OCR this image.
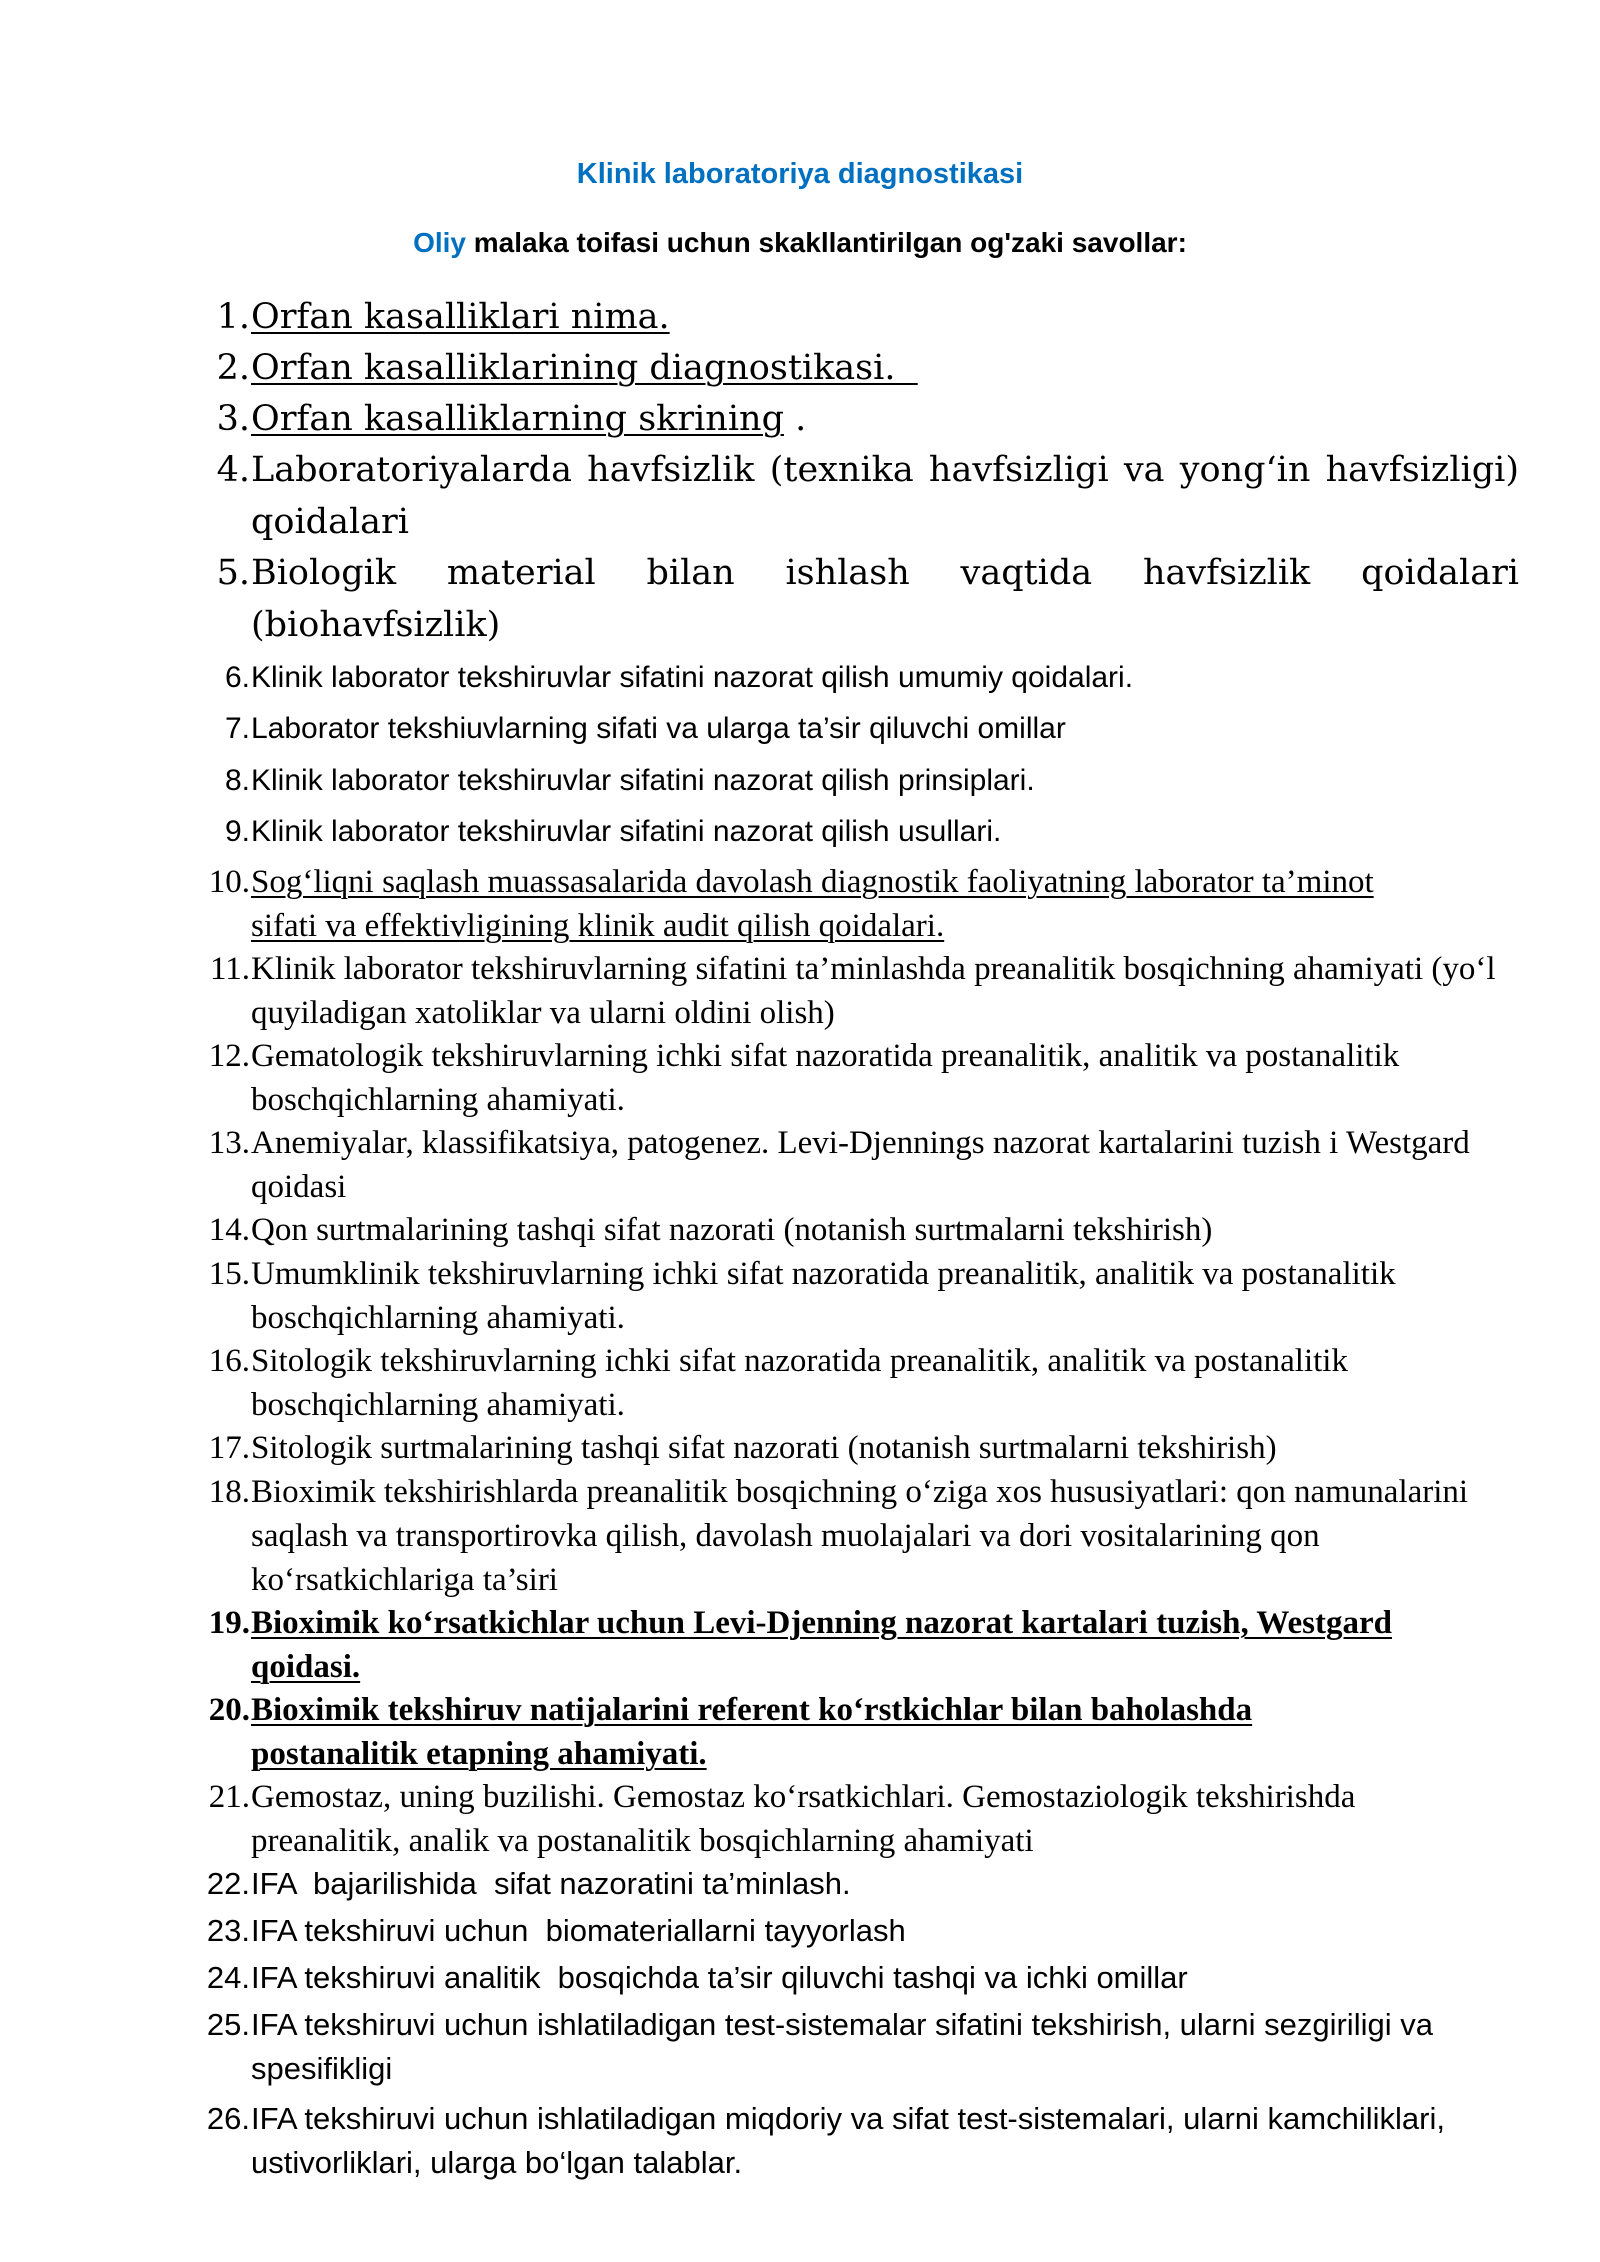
Klinik laboratoriya diagnostikasi

Oliy malaka toifasi uchun skakllantirilgan og'zaki savollar:

1. Orfan kasalliklari nima.
2. Orfan kasalliklarining diagnostikasi.
3. Orfan kasalliklarning skrining .
4. Laboratoriyalarda havfsizlik (texnika havfsizligi va yong‘in havfsizligi) qoidalari
5. Biologik material bilan ishlash vaqtida havfsizlik qoidalari (biohavfsizlik)
6. Klinik laborator tekshiruvlar sifatini nazorat qilish umumiy qoidalari.
7. Laborator tekshiuvlarning sifati va ularga ta’sir qiluvchi omillar
8. Klinik laborator tekshiruvlar sifatini nazorat qilish prinsiplari.
9. Klinik laborator tekshiruvlar sifatini nazorat qilish usullari.
10. Sog‘liqni saqlash muassasalarida davolash diagnostik faoliyatning laborator ta’minot sifati va effektivligining klinik audit qilish qoidalari.
11. Klinik laborator tekshiruvlarning sifatini ta’minlashda preanalitik bosqichning ahamiyati (yo‘l quyiladigan xatoliklar va ularni oldini olish)
12. Gematologik tekshiruvlarning ichki sifat nazoratida preanalitik, analitik va postanalitik boschqichlarning ahamiyati.
13. Anemiyalar, klassifikatsiya, patogenez. Levi-Djennings nazorat kartalarini tuzish i Westgard qoidasi
14. Qon surtmalarining tashqi sifat nazorati (notanish surtmalarni tekshirish)
15. Umumklinik tekshiruvlarning ichki sifat nazoratida preanalitik, analitik va postanalitik boschqichlarning ahamiyati.
16. Sitologik tekshiruvlarning ichki sifat nazoratida preanalitik, analitik va postanalitik boschqichlarning ahamiyati.
17. Sitologik surtmalarining tashqi sifat nazorati (notanish surtmalarni tekshirish)
18. Bioximik tekshirishlarda preanalitik bosqichning o‘ziga xos hususiyatlari: qon namunalarini saqlash va transportirovka qilish, davolash muolajalari va dori vositalarining qon ko‘rsatkichlariga ta’siri
19. Bioximik ko‘rsatkichlar uchun Levi-Djenning nazorat kartalari tuzish, Westgard qoidasi.
20. Bioximik tekshiruv natijalarini referent ko‘rstkichlar bilan baholashda postanalitik etapning ahamiyati.
21. Gemostaz, uning buzilishi. Gemostaz ko‘rsatkichlari. Gemostaziologik tekshirishda preanalitik, analik va postanalitik bosqichlarning ahamiyati
22. IFA  bajarilishida  sifat nazoratini ta’minlash.
23. IFA tekshiruvi uchun  biomateriallarni tayyorlash
24. IFA tekshiruvi analitik  bosqichda ta’sir qiluvchi tashqi va ichki omillar
25. IFA tekshiruvi uchun ishlatiladigan test-sistemalar sifatini tekshirish, ularni sezgiriligi va spesifikligi
26. IFA tekshiruvi uchun ishlatiladigan miqdoriy va sifat test-sistemalari, ularni kamchiliklari, ustivorliklari, ularga bo‘lgan talablar.
